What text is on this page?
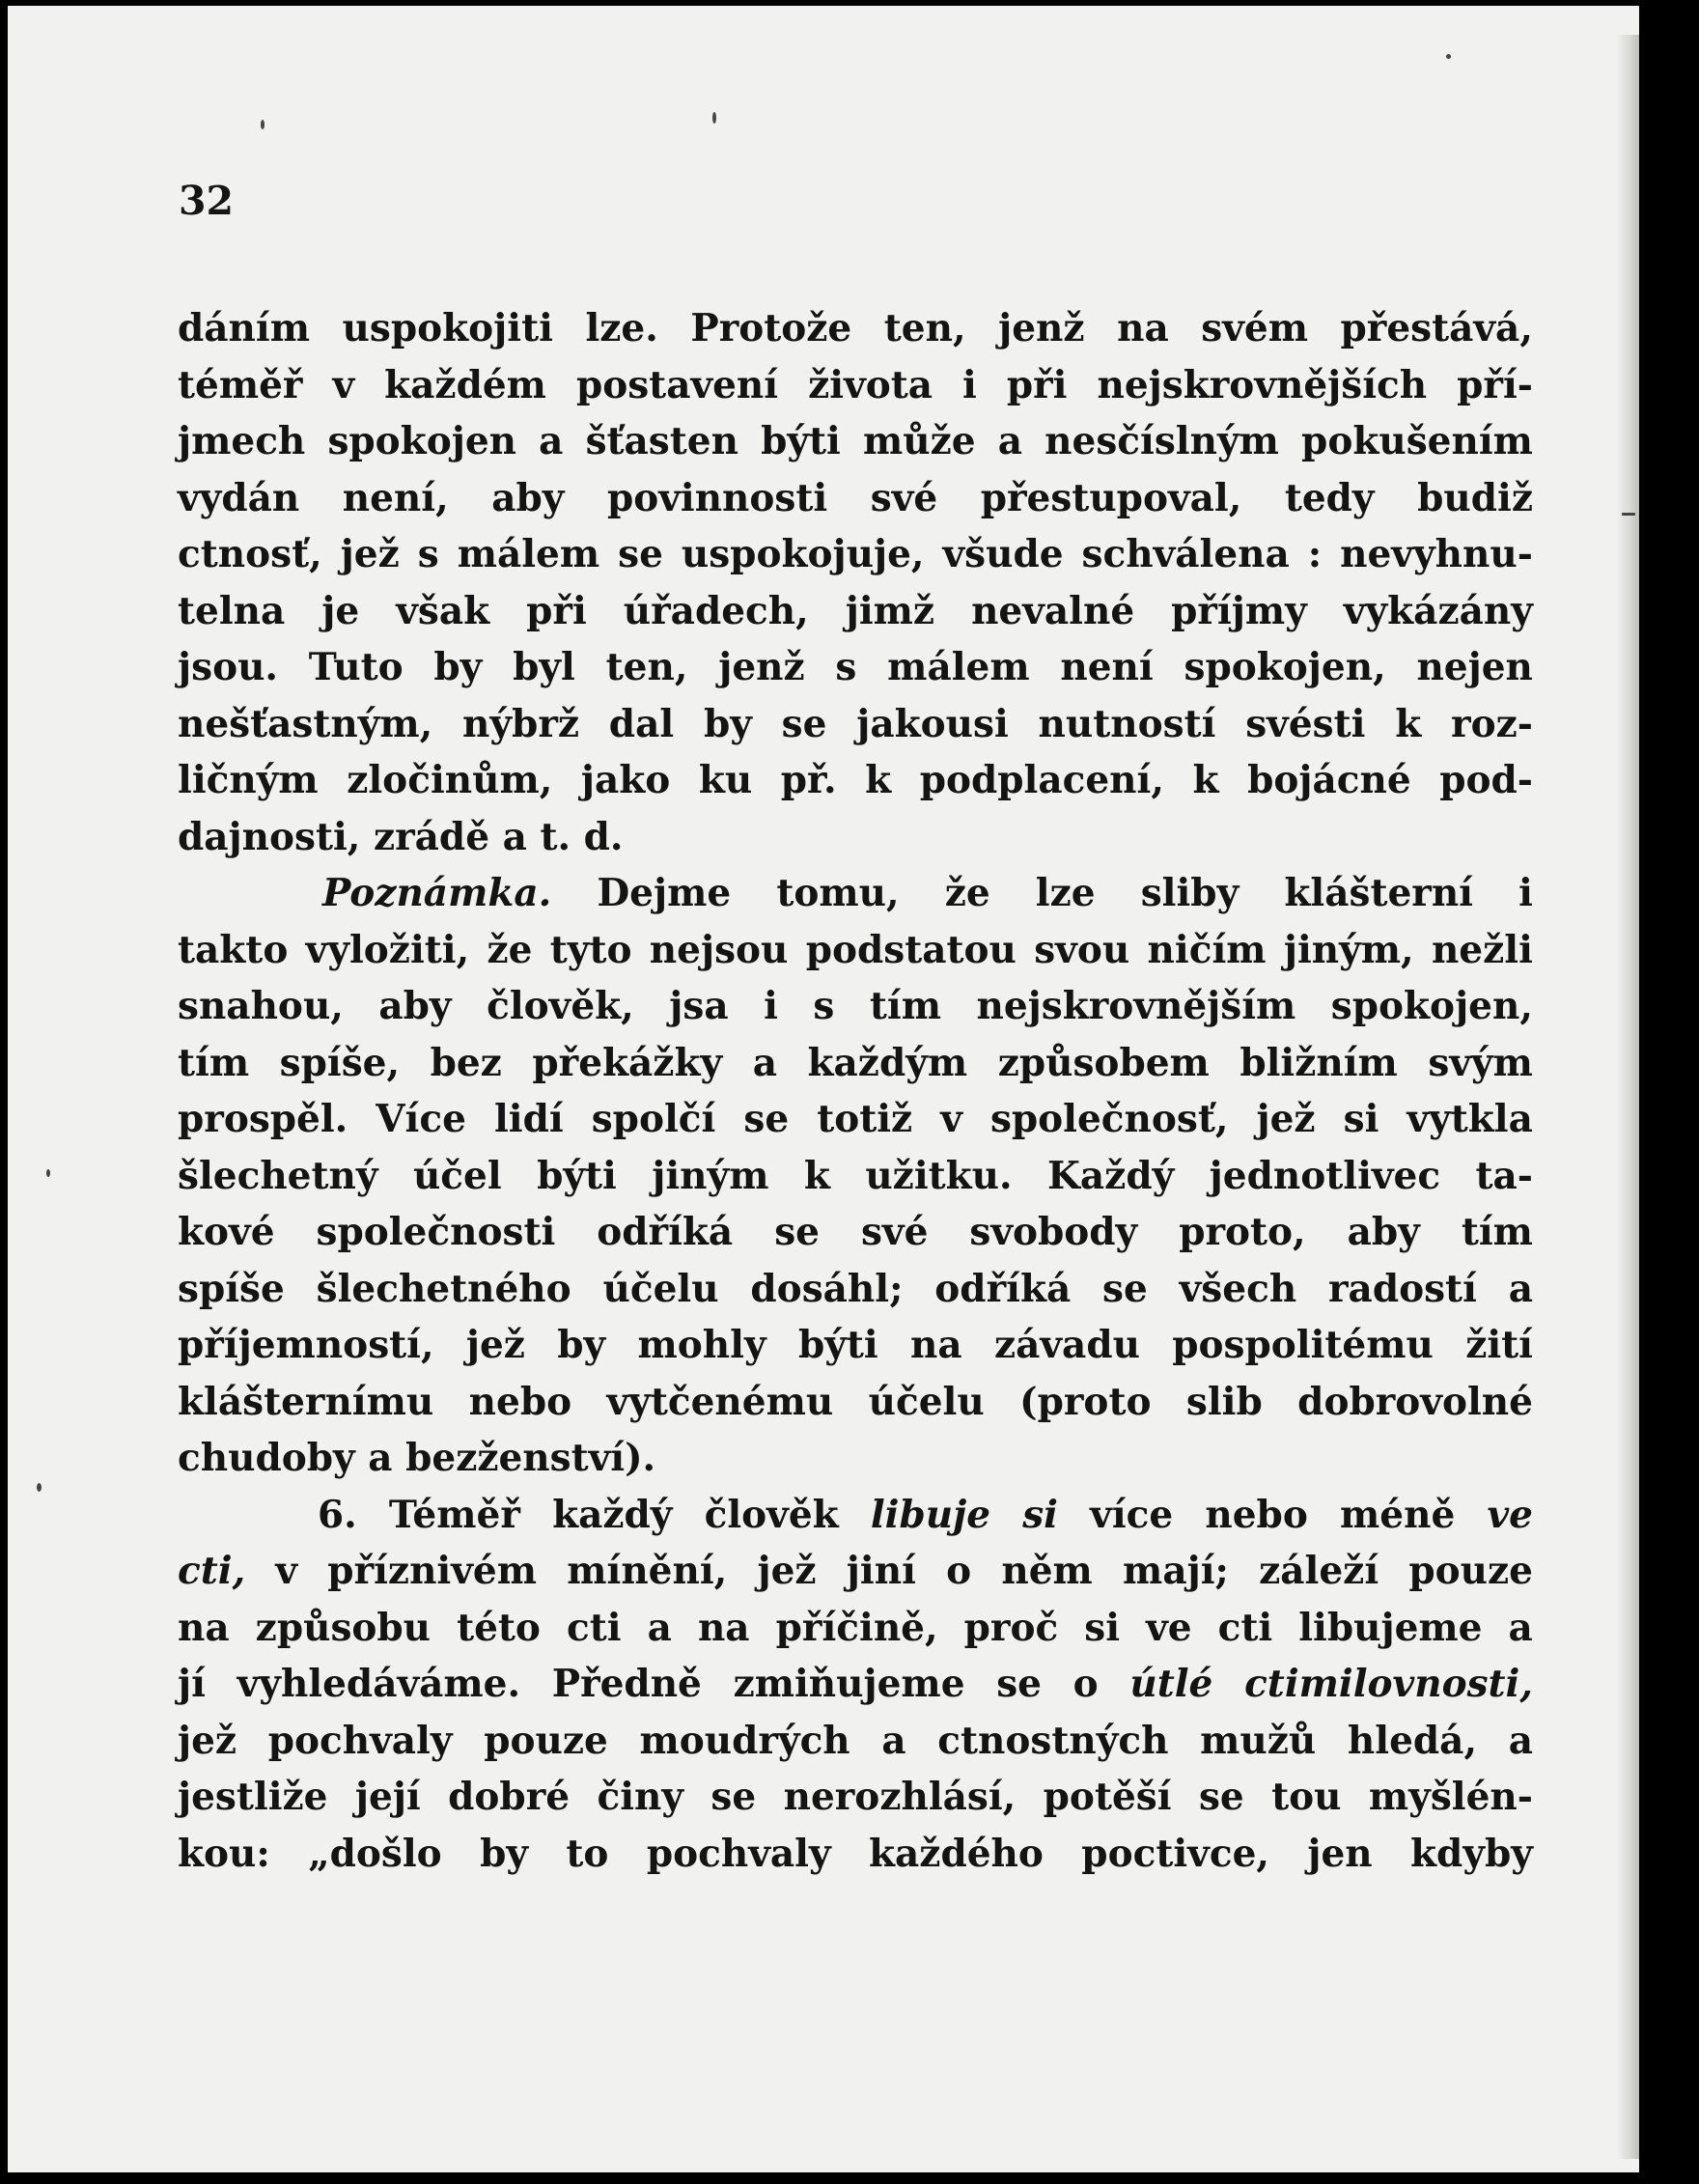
32

dáním uspokojiti lze. Protože ten, jenž na svém přestává,
téměř v každém postavení života i při nejskrovnějších pří-
jmech spokojen a šťasten býti může a nesčíslným pokušením
vydán není, aby povinnosti své přestupoval, tedy budiž
ctnosť, jež s málem se uspokojuje, všude schválena : nevyhnu-
telna je však při úřadech, jimž nevalné příjmy vykázány
jsou. Tuto by byl ten, jenž s málem není spokojen, nejen
nešťastným, nýbrž dal by se jakousi nutností svésti k roz-
ličným zločinům, jako ku př. k podplacení, k bojácné pod-
dajnosti,
zrádě
a
t.
d.
Poznámka. Dejme tomu, že lze sliby klášterní i
takto vyložiti, že tyto nejsou podstatou svou ničím jiným, nežli
snahou, aby člověk, jsa i s tím nejskrovnějším spokojen,
tím spíše, bez překážky a každým způsobem bližním svým
prospěl. Více lidí spolčí se totiž v společnosť, jež si vytkla
šlechetný účel býti jiným k užitku. Každý jednotlivec ta-
kové společnosti odříká se své svobody proto, aby tím
spíše šlechetného účelu dosáhl; odříká se všech radostí a
příjemností, jež by mohly býti na závadu pospolitému žití
klášternímu nebo vytčenému účelu (proto slib dobrovolné
chudoby
a
bezženství).
6. Téměř každý člověk libuje si více nebo méně ve
cti, v příznivém mínění, jež jiní o něm mají; záleží pouze
na způsobu této cti a na příčině, proč si ve cti libujeme a
jí vyhledáváme. Předně zmiňujeme se o útlé ctimilovnosti,
jež pochvaly pouze moudrých a ctnostných mužů hledá, a
jestliže její dobré činy se nerozhlásí, potěší se tou myšlén-
kou: „došlo by to pochvaly každého poctivce, jen kdyby
